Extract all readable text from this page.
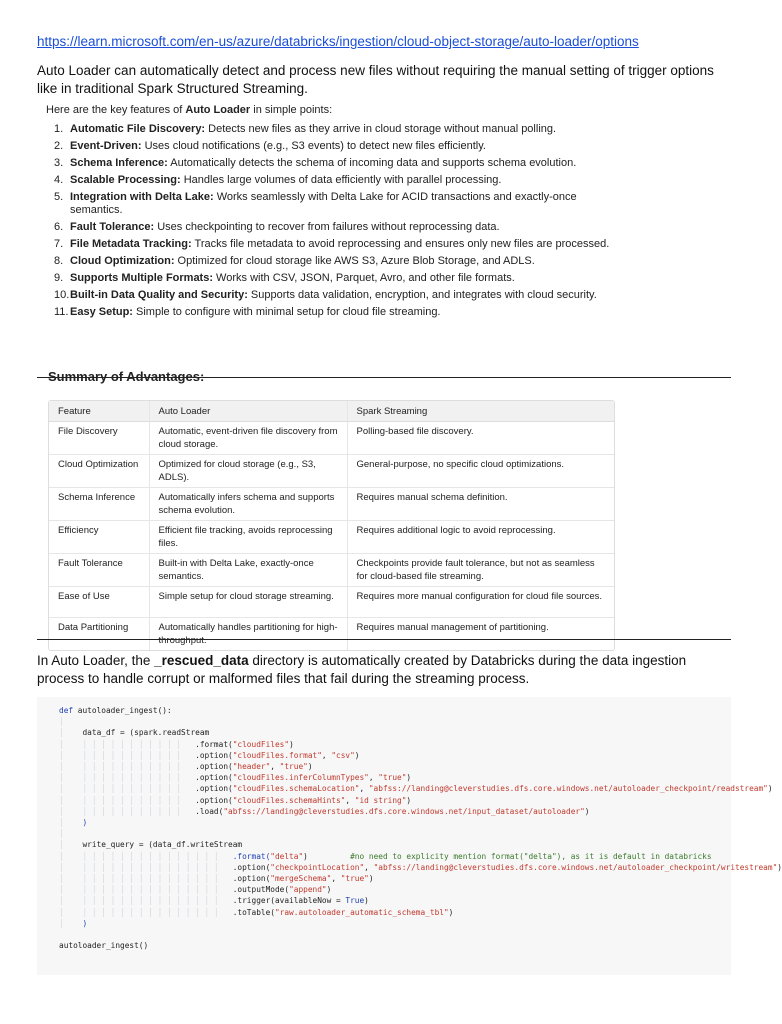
https://learn.microsoft.com/en-us/azure/databricks/ingestion/cloud-object-storage/auto-loader/options
Auto Loader can automatically detect and process new files without requiring the manual setting of trigger options like in traditional Spark Structured Streaming.
Here are the key features of Auto Loader in simple points:
1. Automatic File Discovery: Detects new files as they arrive in cloud storage without manual polling.
2. Event-Driven: Uses cloud notifications (e.g., S3 events) to detect new files efficiently.
3. Schema Inference: Automatically detects the schema of incoming data and supports schema evolution.
4. Scalable Processing: Handles large volumes of data efficiently with parallel processing.
5. Integration with Delta Lake: Works seamlessly with Delta Lake for ACID transactions and exactly-once semantics.
6. Fault Tolerance: Uses checkpointing to recover from failures without reprocessing data.
7. File Metadata Tracking: Tracks file metadata to avoid reprocessing and ensures only new files are processed.
8. Cloud Optimization: Optimized for cloud storage like AWS S3, Azure Blob Storage, and ADLS.
9. Supports Multiple Formats: Works with CSV, JSON, Parquet, Avro, and other file formats.
10. Built-in Data Quality and Security: Supports data validation, encryption, and integrates with cloud security.
11. Easy Setup: Simple to configure with minimal setup for cloud file streaming.
Summary of Advantages:
Feature	Auto Loader	Spark Streaming
File Discovery	Automatic, event-driven file discovery from cloud storage.	Polling-based file discovery.
Cloud Optimization	Optimized for cloud storage (e.g., S3, ADLS).	General-purpose, no specific cloud optimizations.
Schema Inference	Automatically infers schema and supports schema evolution.	Requires manual schema definition.
Efficiency	Efficient file tracking, avoids reprocessing files.	Requires additional logic to avoid reprocessing.
Fault Tolerance	Built-in with Delta Lake, exactly-once semantics.	Checkpoints provide fault tolerance, but not as seamless for cloud-based file streaming.
Ease of Use	Simple setup for cloud storage streaming.	Requires more manual configuration for cloud file sources.
Data Partitioning	Automatically handles partitioning for high-throughput.	Requires manual management of partitioning.
In Auto Loader, the _rescued_data directory is automatically created by Databricks during the data ingestion process to handle corrupt or malformed files that fail during the streaming process.
def autoloader_ingest():
│
│ data_df = (spark.readStream
│ │ │ │ │ │ │ │ │ │ │ │ .format("cloudFiles")
│ │ │ │ │ │ │ │ │ │ │ │ .option("cloudFiles.format", "csv")
│ │ │ │ │ │ │ │ │ │ │ │ .option("header", "true")
│ │ │ │ │ │ │ │ │ │ │ │ .option("cloudFiles.inferColumnTypes", "true")
│ │ │ │ │ │ │ │ │ │ │ │ .option("cloudFiles.schemaLocation", "abfss://landing@cleverstudies.dfs.core.windows.net/autoloader_checkpoint/readstream")
│ │ │ │ │ │ │ │ │ │ │ │ .option("cloudFiles.schemaHints", "id string")
│ │ │ │ │ │ │ │ │ │ │ │ .load("abfss://landing@cleverstudies.dfs.core.windows.net/input_dataset/autoloader")
│ )
│
│ write_query = (data_df.writeStream
│ │ │ │ │ │ │ │ │ │ │ │ │ │ │ │ .format("delta")	#no need to explicity mention format("delta"), as it is default in databricks
│ │ │ │ │ │ │ │ │ │ │ │ │ │ │ │ .option("checkpointLocation", "abfss://landing@cleverstudies.dfs.core.windows.net/autoloader_checkpoint/writestream")
│ │ │ │ │ │ │ │ │ │ │ │ │ │ │ │ .option("mergeSchema", "true")
│ │ │ │ │ │ │ │ │ │ │ │ │ │ │ │ .outputMode("append")
│ │ │ │ │ │ │ │ │ │ │ │ │ │ │ │ .trigger(availableNow = True)
│ │ │ │ │ │ │ │ │ │ │ │ │ │ │ │ .toTable("raw.autoloader_automatic_schema_tbl")
│ )

autoloader_ingest()
